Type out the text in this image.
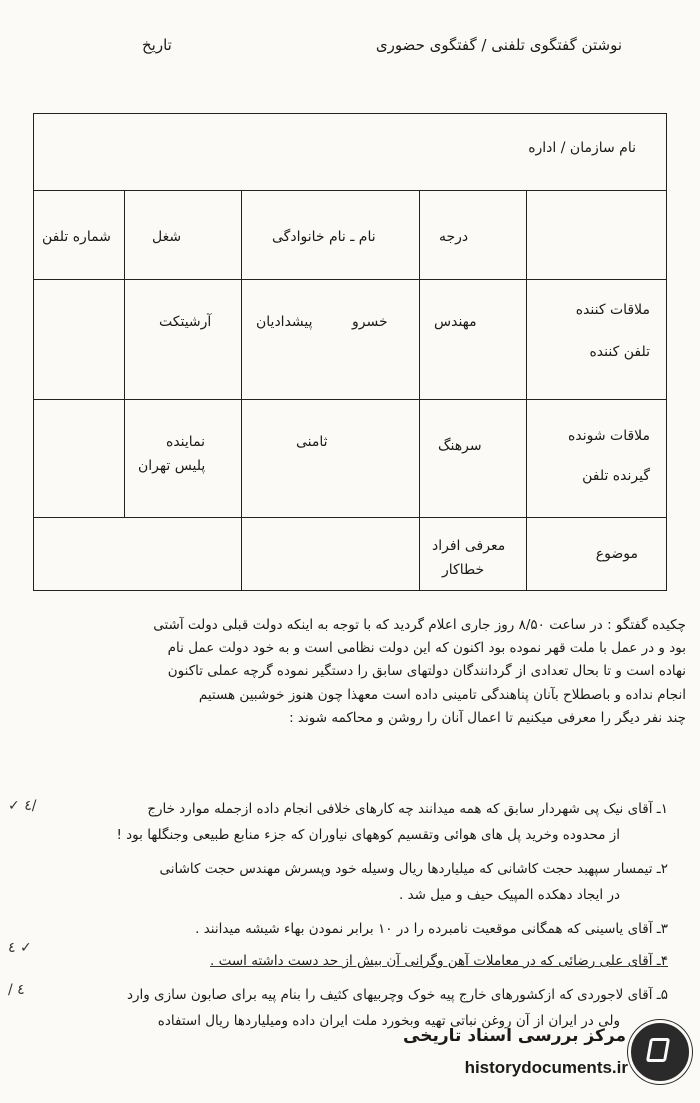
نوشتن گفتگوی تلفنی / گفتگوی حضوری
تاریخ
نام سازمان / اداره
درجه
نام ـ نام خانوادگی
شغل
شماره تلفن
ملاقات کننده
تلفن کننده
مهندس
خسرو
پیشدادیان
آرشیتکت
ملاقات شونده
گیرنده تلفن
سرهنگ
ثامنی
نماینده
پلیس تهران
موضوع
معرفی افراد
خطاکار

چکیده گفتگو : در ساعت ۸/۵۰ روز جاری اعلام گردید که با توجه به اینکه دولت قبلی دولت آشتی

بود و در عمل با ملت قهر نموده بود اکنون که این دولت نظامی است و به خود دولت عمل نام

نهاده است و تا بحال تعدادی از گردانندگان دولتهای سابق را دستگیر نموده گرچه عملی تاکنون

انجام نداده و باصطلاح بآنان پناهندگی تامینی داده است معهذا چون هنوز خوشبین هستیم

چند نفر دیگر را معرفی میکنیم تا اعمال آنان را روشن و محاکمه شوند :

۱ـ آقای نیک پی شهردار سابق که همه میدانند چه کارهای خلافی انجام داده ازجمله موارد خارج
از محدوده وخرید پل های هوائی وتقسیم کوههای نیاوران که جزء منابع طبیعی وجنگلها بود !
۲ـ تیمسار سپهبد حجت کاشانی که میلیاردها ریال وسیله خود وپسرش مهندس حجت کاشانی
در ایجاد دهکده المپیک حیف و میل شد .
۳ـ آقای یاسینی که همگانی موقعیت نامبرده را در ۱۰ برابر نمودن بهاء شیشه میدانند .
۴ـ آقای علی رضائی که در معاملات آهن وگرانی آن بیش از حد دست داشته است .
۵ـ آقای لاجوردی که ازکشورهای خارج پیه خوک وچربیهای کثیف را بنام پیه برای صابون سازی وارد
ولی در ایران از آن روغن نباتی تهیه وبخورد ملت ایران داده وميلياردها ريال استفاده
✓ ٤/
٤ ✓
/ ٤
مرکز بررسی اسناد تاریخی
historydocuments.ir
